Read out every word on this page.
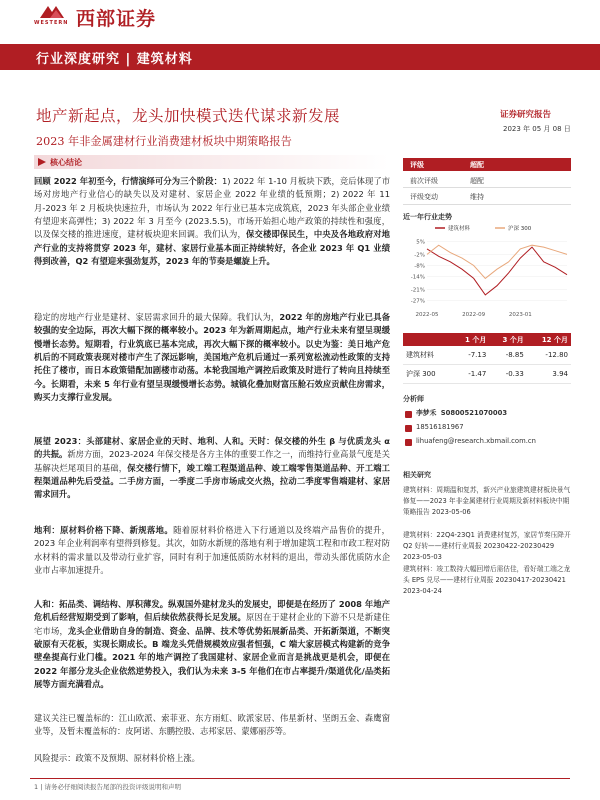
WESTERN 西部证券
行业深度研究 | 建筑材料
地产新起点，龙头加快模式迭代谋求新发展
2023 年非金属建材行业消费建材板块中期策略报告
证券研究报告
2023 年 05 月 08 日
核心结论
回顾 2022 年初至今，行情演绎可分为三个阶段：1) 2022 年 1-10 月板块下跌，竞后体现了市场对房地产行业信心的缺失以及对建材、家居企业 2022 年业绩的低预期；2) 2022 年 11 月-2023 年 2 月板块快速拉升，市场认为 2022 年行业已基本完成筑底，2023 年头部企业业绩有望迎来高弹性；3) 2022 年 3 月至今 (2023.5.5)，市场开始担心地产政策的持续性和强度，以及保交楼的推进速度，建材板块迎来回调。我们认为，保交楼即保民生，中央及各地政府对地产行业的支持将贯穿 2023 年，建材、家居行业基本面正持续转好，各企业 2023 年 Q1 业绩得到改善，Q2 有望迎来强劲复苏，2023 年的节奏是螺旋上升。
稳定的房地产行业是建材、家居需求回升的最大保障。我们认为，2022 年的房地产行业已具备较强的安全边际，再次大幅下探的概率较小。2023 年为新周期起点，地产行业未来有望呈现缓慢增长态势。短期看，行业筑底已基本完成，再次大幅下探的概率较小。以史为鉴：美日地产危机后的不同政策表现对楼市产生了深远影响，美国地产危机后通过一系列宽松流动性政策的支持托住了楼市，而日本政策错配加剧楼市动荡。本轮我国地产调控后政策及时进行了转向且持续至今。长期看，未来 5 年行业有望呈现缓慢增长态势。城镇化叠加财富压舱石效应贡献住房需求，购买力支撑行业发展。
展望 2023：头部建材、家居企业的天时、地利、人和。天时：保交楼的外生 β 与优质龙头 α 的共振。新房方面，2023-2024 年保交楼是各方主体的重要工作之一，而维持行业高景气度是关基解决烂尾项目的基础，保交楼行情下，竣工端工程渠道品种、竣工端零售渠道品种、开工端工程渠道品种先后受益。二手房方面，一季度二手房市场成交火热，拉动二季度零售端建材、家居需求回升。
地利：原材料价格下降、新规落地。随着原材料价格进入下行通道以及终端产品售价的提升，2023 年企业利润率有望得到修复。其次，如防水新规的落地有利于增加建筑工程和市政工程对防水材料的需求量以及带动行业扩容，同时有利于加速低质防水材料的退出，带动头部优质防水企业市占率加速提升。
人和：拓品类、调结构、厚积薄发。纵观国外建材龙头的发展史，即便是在经历了 2008 年地产危机后经营短期受到了影响，但后续依然获得长足发展。原因在于建材企业的下游不只是新建住宅市场，龙头企业借助自身的制造、资金、品牌、技术等优势拓展新品类、开拓新渠道，不断突破原有天花板，实现长期成长。B 端龙头凭借规模效应强者恒强，C 端大家居模式构建新的竞争壁垒提高行业门槛。2021 年的地产调控了我国建材、家居企业而言是挑战更是机会，即便在 2022 年部分龙头企业依然逆势投入，我们认为未来 3-5 年他们在市占率提升/渠道优化/品类拓展等方面充满看点。
建议关注已覆盖标的：江山欧派、索菲亚、东方雨虹、欧派家居、伟星新材、坚朗五金、森鹰窗业等，及暂未覆盖标的：皮阿诺、东鹏控股、志邦家居、蒙娜丽莎等。
风险提示：政策不及预期、原材料价格上涨。
1 | 请务必仔细阅读报告尾部的投资评级说明和声明
评级	超配
前次评级	超配
评级变动	维持
近一年行业走势
5%
-2%
-8%
-14%
-21%
-27%
2022-05	2022-09	2023-01
建筑材料	沪深 300
	1 个月	3 个月	12 个月
建筑材料	-7.13	-8.85	-12.80
沪深 300	-1.47	-0.33	3.94
分析师
李梦禾 S0800521070003
18516181967
lihuafeng@research.xbmail.com.cn
相关研究
建筑材料：周期温和复苏，新兴产业旅建筑建材板块景气修复——2023 年非金属建材行业周期及新材料板块中期策略报告 2023-05-06
建筑材料：22Q4-23Q1 消费建材复苏，家居节奏压降开 Q2 好转——建材行业周报 20230422-20230429 2023-05-03
建筑材料：竣工数持大幅回增后需估佳，看好端工端之龙头 EPS 兑尽——建材行业周报 20230417-20230421 2023-04-24
